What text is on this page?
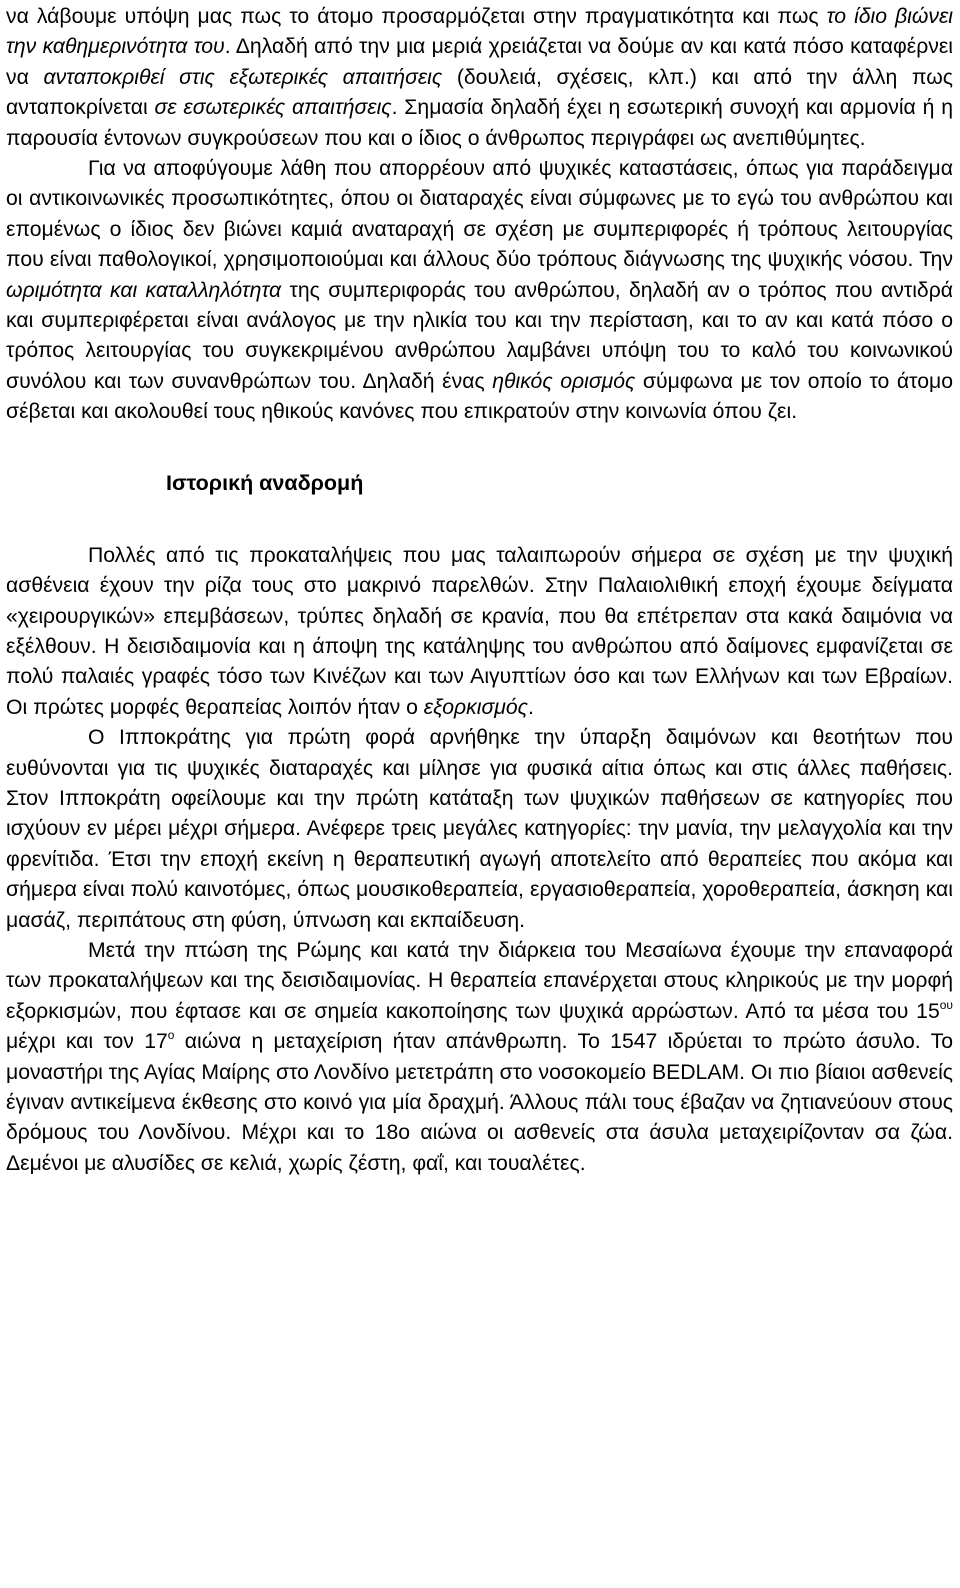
να λάβουμε υπόψη μας πως το άτομο προσαρμόζεται στην πραγματικότητα και πως το ίδιο βιώνει την καθημερινότητα του. Δηλαδή από την μια μεριά χρειάζεται να δούμε αν και κατά πόσο καταφέρνει να ανταποκριθεί στις εξωτερικές απαιτήσεις (δουλειά, σχέσεις, κλπ.) και από την άλλη πως ανταποκρίνεται σε εσωτερικές απαιτήσεις. Σημασία δηλαδή έχει η εσωτερική συνοχή και αρμονία ή η παρουσία έντονων συγκρούσεων που και ο ίδιος ο άνθρωπος περιγράφει ως ανεπιθύμητες.

Για να αποφύγουμε λάθη που απορρέουν από ψυχικές καταστάσεις, όπως για παράδειγμα οι αντικοινωνικές προσωπικότητες, όπου οι διαταραχές είναι σύμφωνες με το εγώ του ανθρώπου και επομένως ο ίδιος δεν βιώνει καμιά αναταραχή σε σχέση με συμπεριφορές ή τρόπους λειτουργίας που είναι παθολογικοί, χρησιμοποιούμαι και άλλους δύο τρόπους διάγνωσης της ψυχικής νόσου. Την ωριμότητα και καταλληλότητα της συμπεριφοράς του ανθρώπου, δηλαδή αν ο τρόπος που αντιδρά και συμπεριφέρεται είναι ανάλογος με την ηλικία του και την περίσταση, και το αν και κατά πόσο ο τρόπος λειτουργίας του συγκεκριμένου ανθρώπου λαμβάνει υπόψη του το καλό του κοινωνικού συνόλου και των συνανθρώπων του. Δηλαδή ένας ηθικός ορισμός σύμφωνα με τον οποίο το άτομο σέβεται και ακολουθεί τους ηθικούς κανόνες που επικρατούν στην κοινωνία όπου ζει.

Ιστορική αναδρομή

Πολλές από τις προκαταλήψεις που μας ταλαιπωρούν σήμερα σε σχέση με την ψυχική ασθένεια έχουν την ρίζα τους στο μακρινό παρελθών. Στην Παλαιολιθική εποχή έχουμε δείγματα «χειρουργικών» επεμβάσεων, τρύπες δηλαδή σε κρανία, που θα επέτρεπαν στα κακά δαιμόνια να εξέλθουν. Η δεισιδαιμονία και η άποψη της κατάληψης του ανθρώπου από δαίμονες εμφανίζεται σε πολύ παλαιές γραφές τόσο των Κινέζων και των Αιγυπτίων όσο και των Ελλήνων και των Εβραίων. Οι πρώτες μορφές θεραπείας λοιπόν ήταν ο εξορκισμός.

Ο Ιπποκράτης για πρώτη φορά αρνήθηκε την ύπαρξη δαιμόνων και θεοτήτων που ευθύνονται για τις ψυχικές διαταραχές και μίλησε για φυσικά αίτια όπως και στις άλλες παθήσεις. Στον Ιπποκράτη οφείλουμε και την πρώτη κατάταξη των ψυχικών παθήσεων σε κατηγορίες που ισχύουν εν μέρει μέχρι σήμερα. Ανέφερε τρεις μεγάλες κατηγορίες: την μανία, την μελαγχολία και την φρενίτιδα. Έτσι την εποχή εκείνη η θεραπευτική αγωγή αποτελείτο από θεραπείες που ακόμα και σήμερα είναι πολύ καινοτόμες, όπως μουσικοθεραπεία, εργασιοθεραπεία, χοροθεραπεία, άσκηση και μασάζ, περιπάτους στη φύση, ύπνωση και εκπαίδευση.

Μετά την πτώση της Ρώμης και κατά την διάρκεια του Μεσαίωνα έχουμε την επαναφορά των προκαταλήψεων και της δεισιδαιμονίας. Η θεραπεία επανέρχεται στους κληρικούς με την μορφή εξορκισμών, που έφτασε και σε σημεία κακοποίησης των ψυχικά αρρώστων. Από τα μέσα του $15^{o\upsilon}$ μέχρι και τον $17^o$ αιώνα η μεταχείριση ήταν απάνθρωπη. Το 1547 ιδρύεται το πρώτο άσυλο. Το μοναστήρι της Αγίας Μαίρης στο Λονδίνο μετετράπη στο νοσοκομείο BEDLAM. Οι πιο βίαιοι ασθενείς έγιναν αντικείμενα έκθεσης στο κοινό για μία δραχμή. Άλλους πάλι τους έβαζαν να ζητιανεύουν στους δρόμους του Λονδίνου. Μέχρι και το 18ο αιώνα οι ασθενείς στα άσυλα μεταχειρίζονταν σα ζώα. Δεμένοι με αλυσίδες σε κελιά, χωρίς ζέστη, φαΐ, και τουαλέτες.
